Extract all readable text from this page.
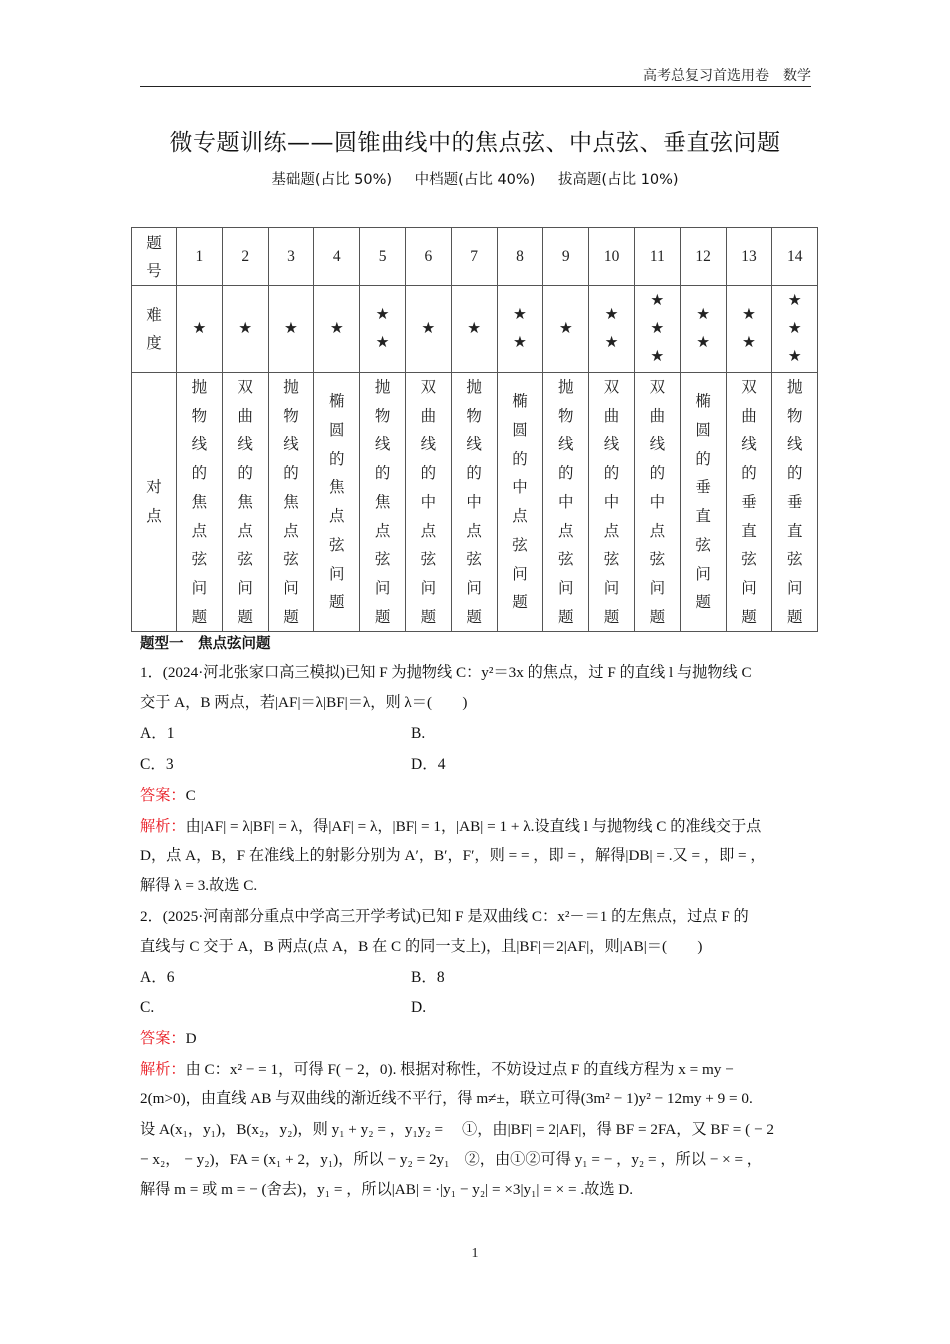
高考总复习首选用卷　数学
微专题训练——圆锥曲线中的焦点弦、中点弦、垂直弦问题
基础题(占比 50%) 中档题(占比 40%) 拔高题(占比 10%)
题号	1	2	3	4	5	6	7	8	9	10	11	12	13	14
难度	★	★	★	★	★★	★	★	★★	★	★★	★★★	★★	★★	★★★
对点	抛物线的焦点弦问题	双曲线的焦点弦问题	抛物线的焦点弦问题	椭圆的焦点弦问题	抛物线的焦点弦问题	双曲线的中点弦问题	抛物线的中点弦问题	椭圆的中点弦问题	抛物线的中点弦问题	双曲线的中点弦问题	双曲线的中点弦问题	椭圆的垂直弦问题	双曲线的垂直弦问题	抛物线的垂直弦问题
题型一　焦点弦问题
1．(2024·河北张家口高三模拟)已知 F 为抛物线 C：y²＝3x 的焦点，过 F 的直线 l 与抛物线 C
交于 A，B 两点，若|AF|＝λ|BF|＝λ，则 λ＝(　　)
A．1	B.
C．3	D．4
答案：C
解析：由|AF| = λ|BF| = λ，得|AF| = λ，|BF| = 1，|AB| = 1 + λ.设直线 l 与抛物线 C 的准线交于点
D，点 A，B，F 在准线上的射影分别为 A′，B′，F′，则 = = ，即 = ，解得|DB| = .又 = ，即 = ，
解得 λ = 3.故选 C.
2．(2025·河南部分重点中学高三开学考试)已知 F 是双曲线 C：x²－＝1 的左焦点，过点 F 的
直线与 C 交于 A，B 两点(点 A，B 在 C 的同一支上)，且|BF|＝2|AF|，则|AB|＝(　　)
A．6	B．8
C.	D.
答案：D
解析：由 C：x² − = 1，可得 F( − 2，0). 根据对称性，不妨设过点 F 的直线方程为 x = my −
2(m>0)，由直线 AB 与双曲线的渐近线不平行，得 m≠±，联立可得(3m² − 1)y² − 12my + 9 = 0.
设 A(x₁，y₁)，B(x₂，y₂)，则 y₁ + y₂ = ，y₁y₂ = 　①，由|BF| = 2|AF|，得 BF = 2FA，又 BF = ( − 2
− x₂， − y₂)，FA = (x₁ + 2，y₁)，所以 − y₂ = 2y₁　②，由①②可得 y₁ = − ，y₂ = ，所以 − × = ，
解得 m = 或 m = − (舍去)，y₁ = ，所以|AB| = ·|y₁ − y₂| = ×3|y₁| = × = .故选 D.
1
